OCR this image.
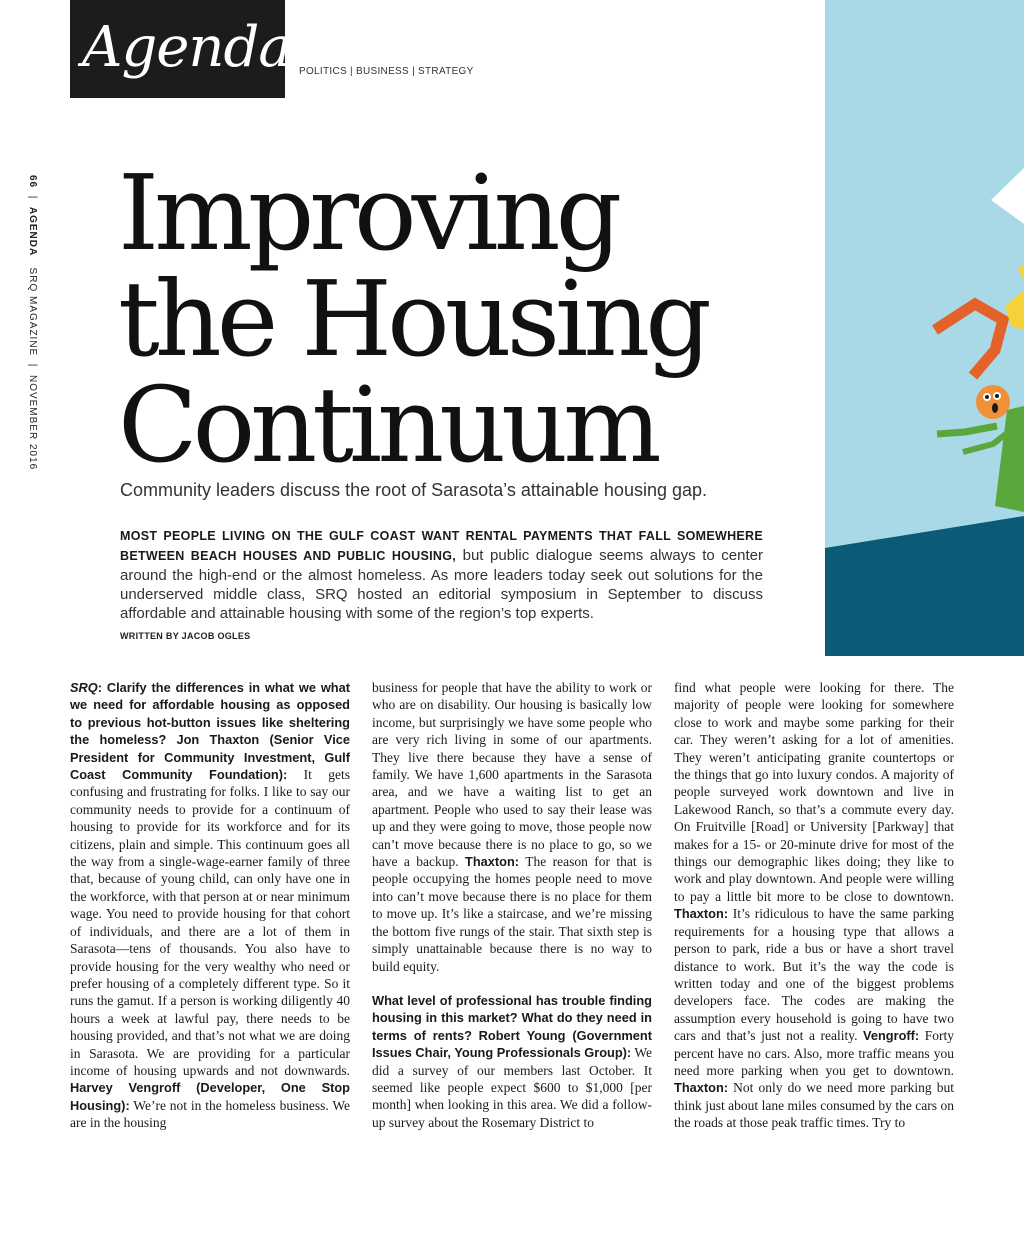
Agenda POLITICS | BUSINESS | STRATEGY
66  |  AGENDA   SRQ MAGAZINE  |  NOVEMBER 2016
Improving
the Housing
Continuum

Community leaders discuss the root of Sarasota’s attainable housing gap.

MOST PEOPLE LIVING ON THE GULF COAST WANT RENTAL PAYMENTS THAT FALL SOMEWHERE BETWEEN BEACH HOUSES AND PUBLIC HOUSING, but public dialogue seems always to center around the high-end or the almost homeless. As more leaders today seek out solutions for the underserved middle class, SRQ hosted an editorial symposium in September to discuss affordable and attainable housing with some of the region’s top experts.

WRITTEN BY JACOB OGLES

SRQ: Clarify the differences in what we what we need for affordable housing as opposed to previous hot-button issues like sheltering the homeless? Jon Thaxton (Senior Vice President for Community Investment, Gulf Coast Community Foundation): It gets confusing and frustrating for folks. I like to say our community needs to provide for a continuum of housing to provide for its workforce and for its citizens, plain and simple. This continuum goes all the way from a single-wage-earner family of three that, because of young child, can only have one in the workforce, with that person at or near minimum wage. You need to provide housing for that cohort of individuals, and there are a lot of them in Sarasota—tens of thousands. You also have to provide housing for the very wealthy who need or prefer housing of a completely different type. So it runs the gamut. If a person is working diligently 40 hours a week at lawful pay, there needs to be housing provided, and that’s not what we are doing in Sarasota. We are providing for a particular income of housing upwards and not downwards. Harvey Vengroff (Developer, One Stop Housing): We’re not in the homeless business. We are in the housing
business for people that have the ability to work or who are on disability. Our housing is basically low income, but surprisingly we have some people who are very rich living in some of our apartments. They live there because they have a sense of family. We have 1,600 apartments in the Sarasota area, and we have a waiting list to get an apartment. People who used to say their lease was up and they were going to move, those people now can’t move because there is no place to go, so we have a backup. Thaxton: The reason for that is people occupying the homes people need to move into can’t move because there is no place for them to move up. It’s like a staircase, and we’re missing the bottom five rungs of the stair. That sixth step is simply unattainable because there is no way to build equity.
What level of professional has trouble finding housing in this market? What do they need in terms of rents? Robert Young (Government Issues Chair, Young Professionals Group): We did a survey of our members last October. It seemed like people expect $600 to $1,000 [per month] when looking in this area. We did a follow-up survey about the Rosemary District to
find what people were looking for there. The majority of people were looking for somewhere close to work and maybe some parking for their car. They weren’t asking for a lot of amenities. They weren’t anticipating granite countertops or the things that go into luxury condos. A majority of people surveyed work downtown and live in Lakewood Ranch, so that’s a commute every day. On Fruitville [Road] or University [Parkway] that makes for a 15- or 20-minute drive for most of the things our demographic likes doing; they like to work and play downtown. And people were willing to pay a little bit more to be close to downtown. Thaxton: It’s ridiculous to have the same parking requirements for a housing type that allows a person to park, ride a bus or have a short travel distance to work. But it’s the way the code is written today and one of the biggest problems developers face. The codes are making the assumption every household is going to have two cars and that’s just not a reality. Vengroff: Forty percent have no cars. Also, more traffic means you need more parking when you get to downtown. Thaxton: Not only do we need more parking but think just about lane miles consumed by the cars on the roads at those peak traffic times. Try to
